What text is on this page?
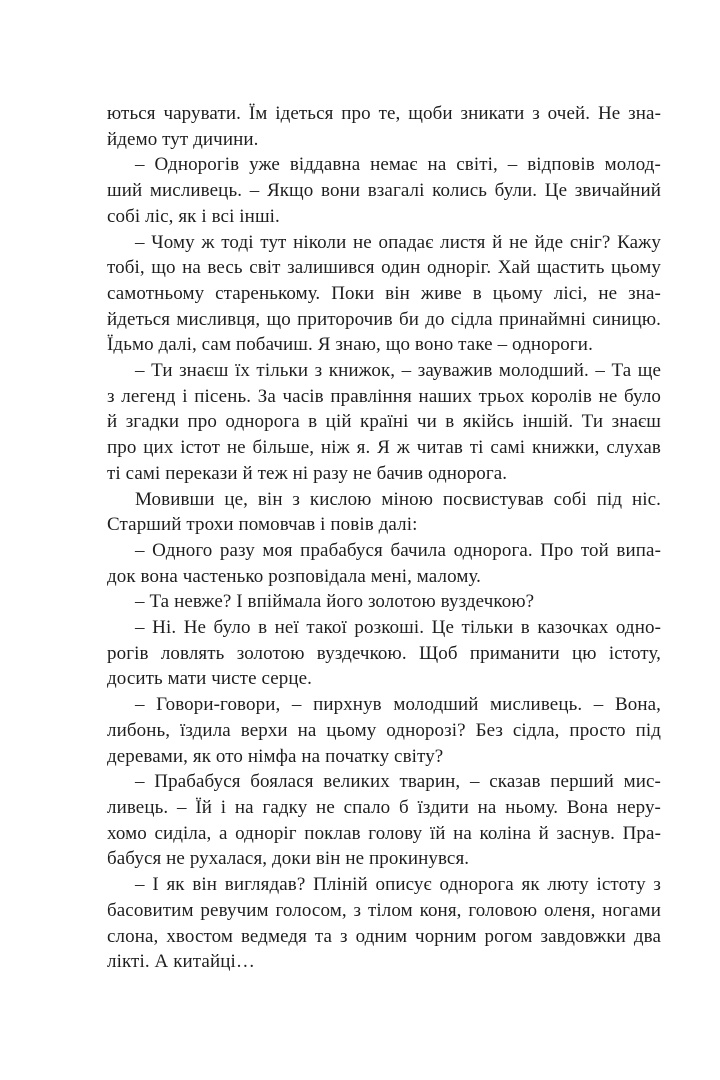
ються чарувати. Їм ідеться про те, щоби зникати з очей. Не зна-
йдемо тут дичини.
– Однорогів уже віддавна немає на світі, – відповів молод-
ший мисливець. – Якщо вони взагалі колись були. Це звичайний
собі ліс, як і всі інші.
– Чому ж тоді тут ніколи не опадає листя й не йде сніг? Кажу
тобі, що на весь світ залишився один одноріг. Хай щастить цьому
самотньому старенькому. Поки він живе в цьому лісі, не зна-
йдеться мисливця, що приторочив би до сідла принаймні синицю.
Їдьмо далі, сам побачиш. Я знаю, що воно таке – однороги.
– Ти знаєш їх тільки з книжок, – зауважив молодший. – Та ще
з легенд і пісень. За часів правління наших трьох королів не було
й згадки про однорога в цій країні чи в якійсь іншій. Ти знаєш
про цих істот не більше, ніж я. Я ж читав ті самі книжки, слухав
ті самі перекази й теж ні разу не бачив однорога.
Мовивши це, він з кислою міною посвистував собі під ніс.
Старший трохи помовчав і повів далі:
– Одного разу моя прабабуся бачила однорога. Про той випа-
док вона частенько розповідала мені, малому.
– Та невже? І впіймала його золотою вуздечкою?
– Ні. Не було в неї такої розкоші. Це тільки в казочках одно-
рогів ловлять золотою вуздечкою. Щоб приманити цю істоту,
досить мати чисте серце.
– Говори-говори, – пирхнув молодший мисливець. – Вона,
либонь, їздила верхи на цьому однорозі? Без сідла, просто під
деревами, як ото німфа на початку світу?
– Прабабуся боялася великих тварин, – сказав перший мис-
ливець. – Їй і на гадку не спало б їздити на ньому. Вона неру-
хомо сиділа, а одноріг поклав голову їй на коліна й заснув. Пра-
бабуся не рухалася, доки він не прокинувся.
– І як він виглядав? Пліній описує однорога як люту істоту з
басовитим ревучим голосом, з тілом коня, головою оленя, ногами
слона, хвостом ведмедя та з одним чорним рогом завдовжки два
лікті. А китайці…
